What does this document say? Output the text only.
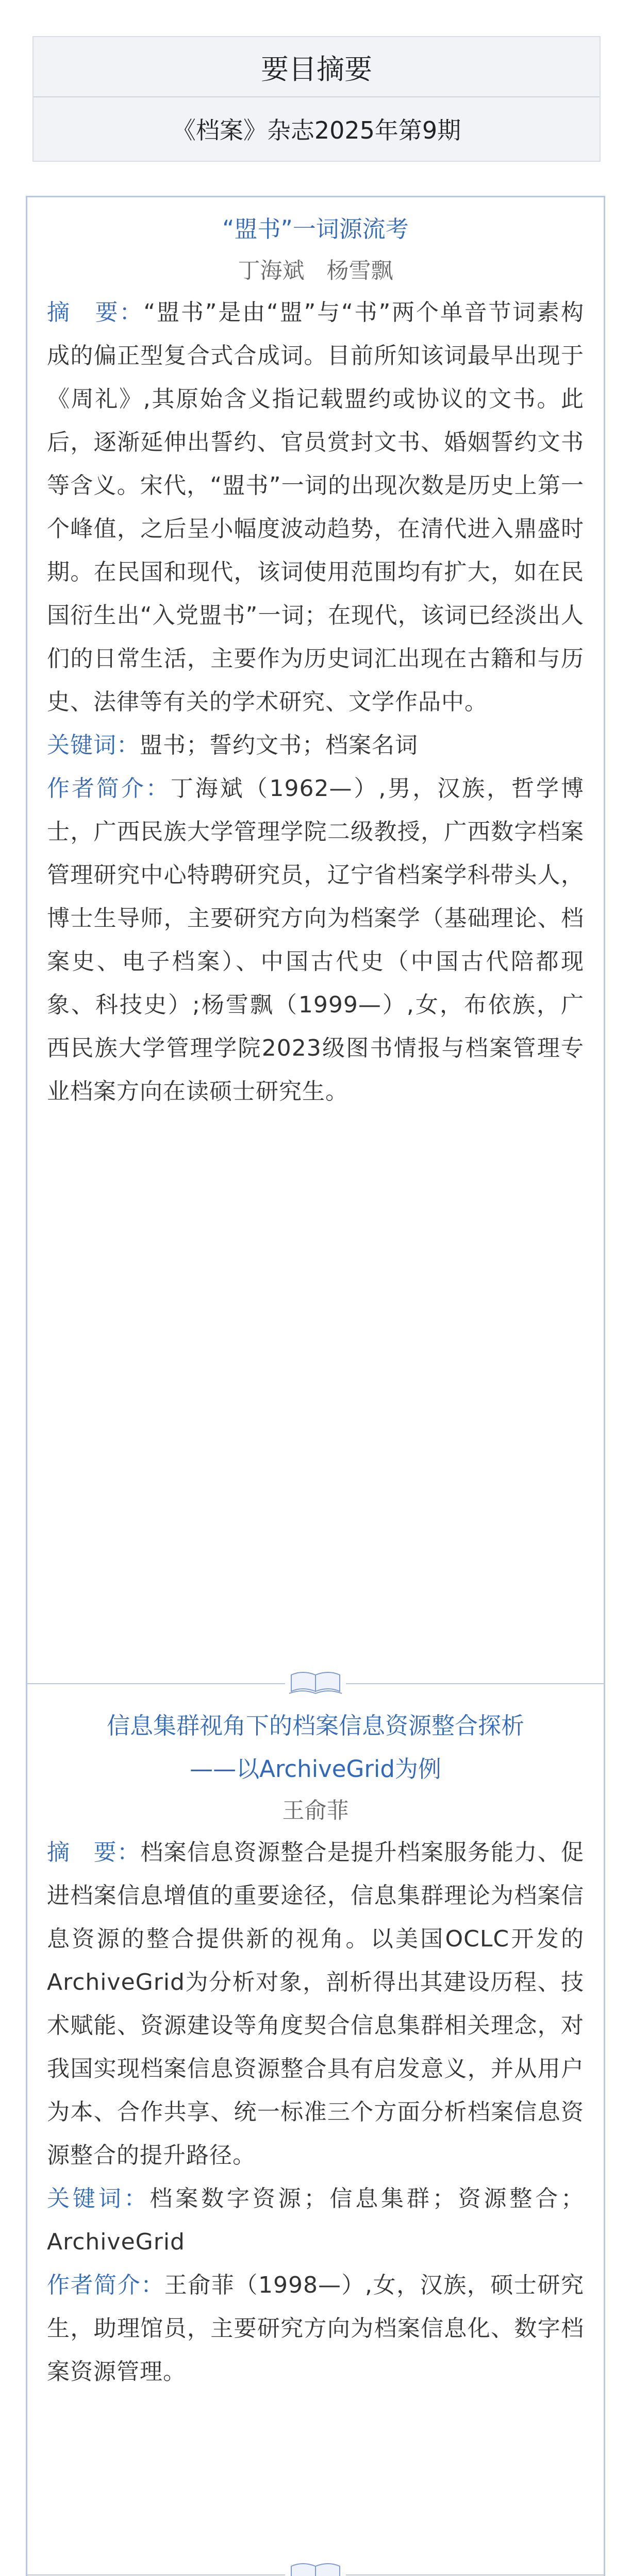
要目摘要
《档案》杂志2025年第9期
“盟书”一词源流考
丁海斌　杨雪飘
摘　要：“盟书”是由“盟”与“书”两个单音节词素构成的偏正型复合式合成词。目前所知该词最早出现于《周礼》,其原始含义指记载盟约或协议的文书。此后，逐渐延伸出誓约、官员赏封文书、婚姻誓约文书等含义。宋代，“盟书”一词的出现次数是历史上第一个峰值，之后呈小幅度波动趋势，在清代进入鼎盛时期。在民国和现代，该词使用范围均有扩大，如在民国衍生出“入党盟书”一词；在现代，该词已经淡出人们的日常生活，主要作为历史词汇出现在古籍和与历史、法律等有关的学术研究、文学作品中。
关键词：盟书；誓约文书；档案名词
作者简介：丁海斌（1962—）,男，汉族，哲学博士，广西民族大学管理学院二级教授，广西数字档案管理研究中心特聘研究员，辽宁省档案学科带头人，博士生导师，主要研究方向为档案学（基础理论、档案史、电子档案）、中国古代史（中国古代陪都现象、科技史）;杨雪飘（1999—）,女，布依族，广西民族大学管理学院2023级图书情报与档案管理专业档案方向在读硕士研究生。
信息集群视角下的档案信息资源整合探析
——以ArchiveGrid为例
王俞菲
摘　要：档案信息资源整合是提升档案服务能力、促进档案信息增值的重要途径，信息集群理论为档案信息资源的整合提供新的视角。以美国OCLC开发的ArchiveGrid为分析对象，剖析得出其建设历程、技术赋能、资源建设等角度契合信息集群相关理念，对我国实现档案信息资源整合具有启发意义，并从用户为本、合作共享、统一标准三个方面分析档案信息资源整合的提升路径。
关键词：档案数字资源；信息集群；资源整合；ArchiveGrid
作者简介：王俞菲（1998—）,女，汉族，硕士研究生，助理馆员，主要研究方向为档案信息化、数字档案资源管理。
